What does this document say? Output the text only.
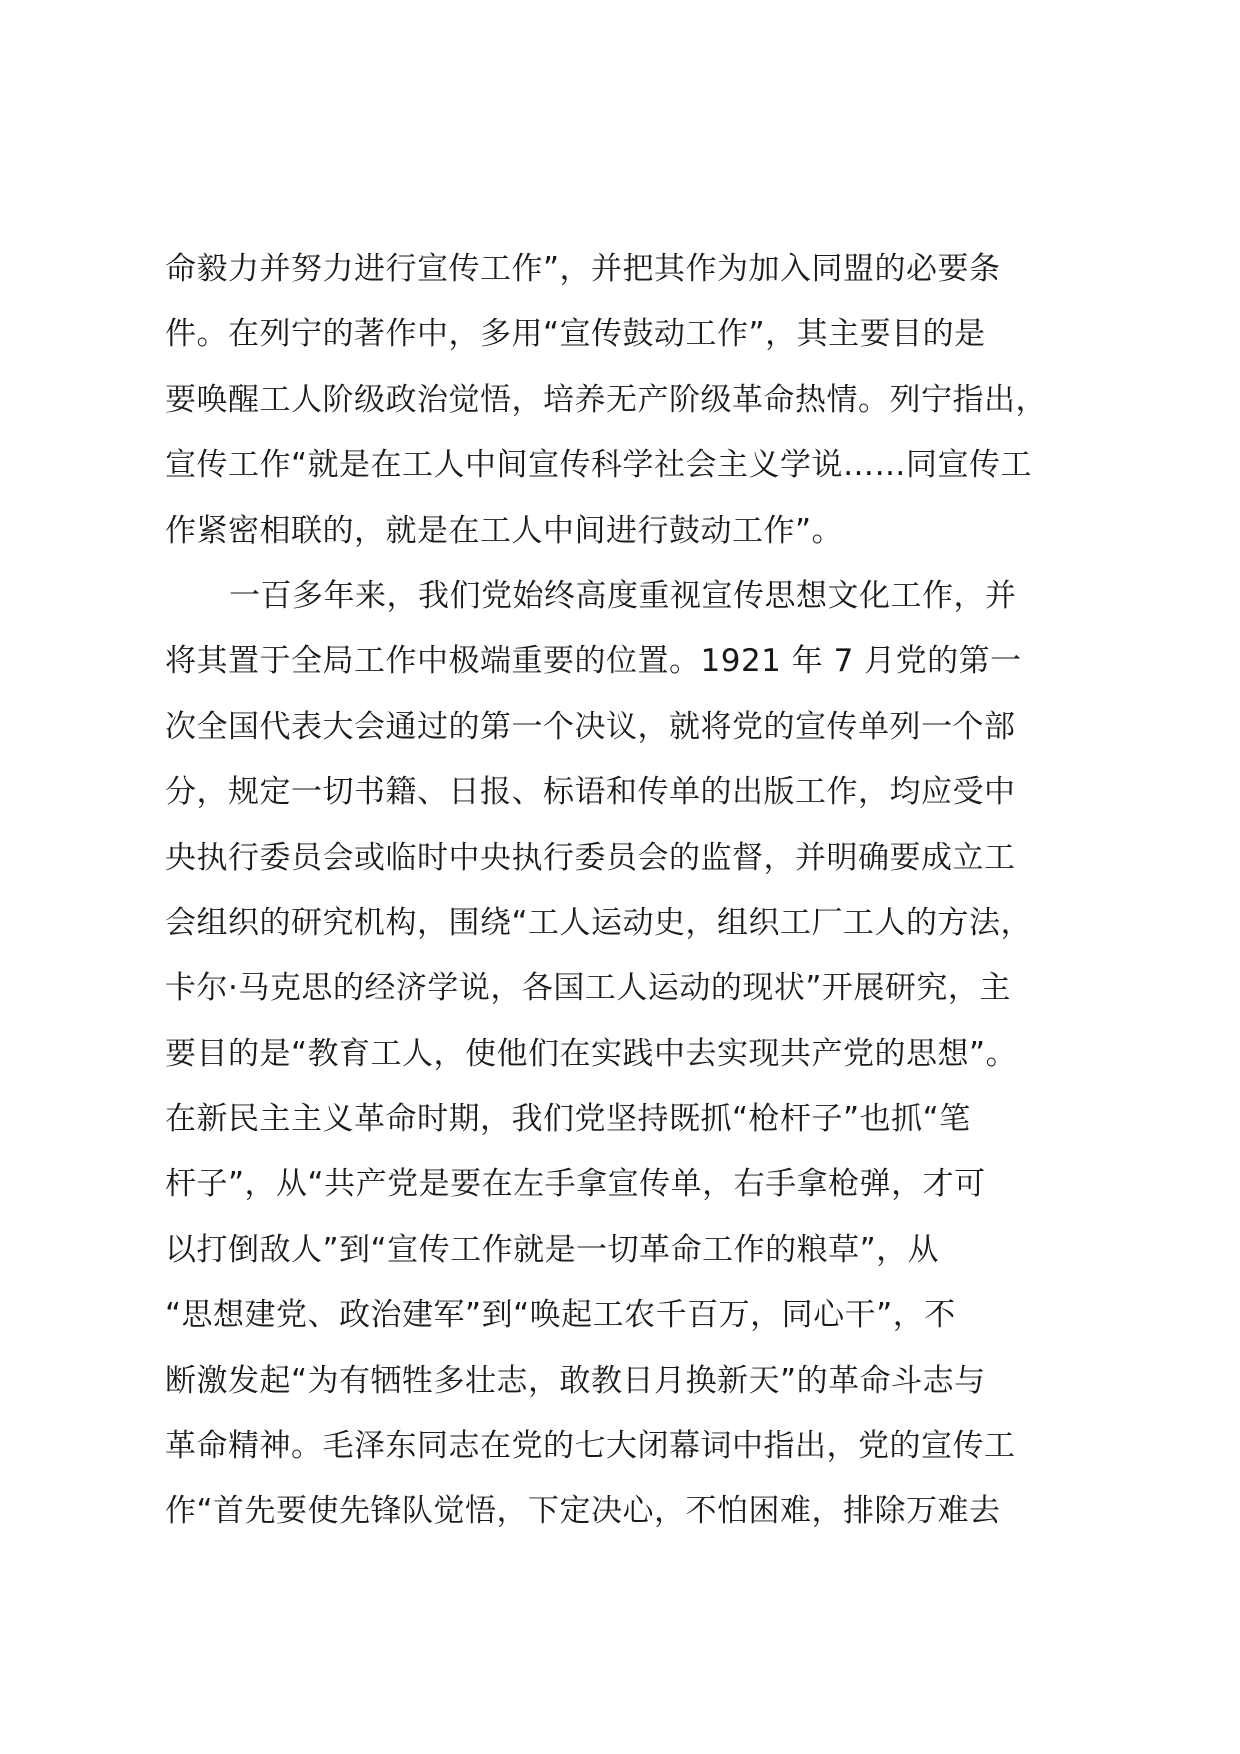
命毅力并努力进行宣传工作”，并把其作为加入同盟的必要条
件。在列宁的著作中，多用“宣传鼓动工作”，其主要目的是
要唤醒工人阶级政治觉悟，培养无产阶级革命热情。列宁指出，
宣传工作“就是在工人中间宣传科学社会主义学说……同宣传工
作紧密相联的，就是在工人中间进行鼓动工作”。
一百多年来，我们党始终高度重视宣传思想文化工作，并
将其置于全局工作中极端重要的位置。1921 年 7 月党的第一
次全国代表大会通过的第一个决议，就将党的宣传单列一个部
分，规定一切书籍、日报、标语和传单的出版工作，均应受中
央执行委员会或临时中央执行委员会的监督，并明确要成立工
会组织的研究机构，围绕“工人运动史，组织工厂工人的方法，
卡尔·马克思的经济学说，各国工人运动的现状”开展研究，主
要目的是“教育工人，使他们在实践中去实现共产党的思想”。
在新民主主义革命时期，我们党坚持既抓“枪杆子”也抓“笔
杆子”，从“共产党是要在左手拿宣传单，右手拿枪弹，才可
以打倒敌人”到“宣传工作就是一切革命工作的粮草”，从
“思想建党、政治建军”到“唤起工农千百万，同心干”，不
断激发起“为有牺牲多壮志，敢教日月换新天”的革命斗志与
革命精神。毛泽东同志在党的七大闭幕词中指出，党的宣传工
作“首先要使先锋队觉悟，下定决心，不怕困难，排除万难去
